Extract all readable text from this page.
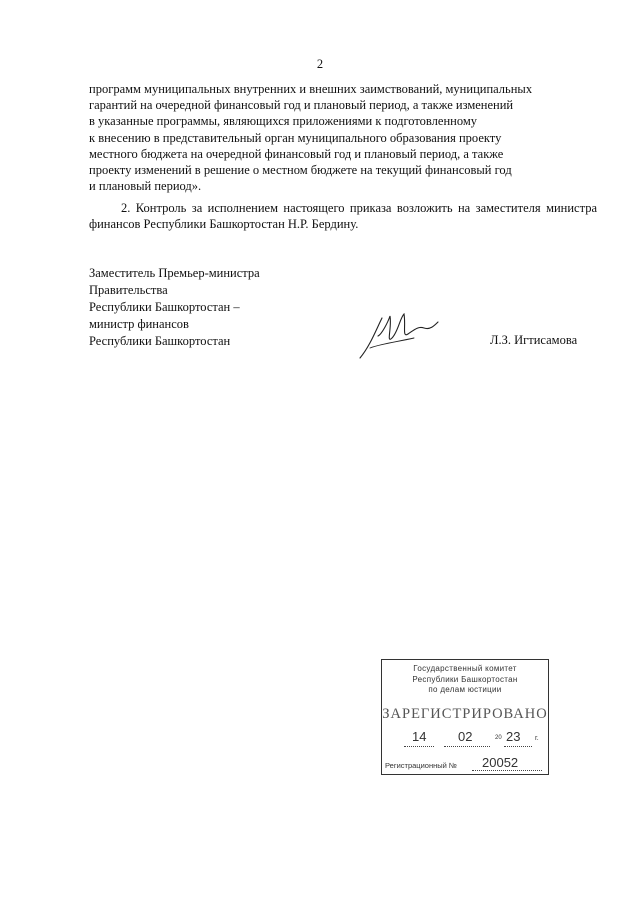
2
программ муниципальных внутренних и внешних заимствований, муниципальных
гарантий на очередной финансовый год и плановый период, а также изменений
в указанные программы, являющихся приложениями к подготовленному
к внесению в представительный орган муниципального образования проекту
местного бюджета на очередной финансовый год и плановый период, а также
проекту изменений в решение о местном бюджете на текущий финансовый год
и плановый период».
2. Контроль за исполнением настоящего приказа возложить на заместителя министра финансов Республики Башкортостан Н.Р. Бердину.
Заместитель Премьер-министра
Правительства
Республики Башкортостан –
министр финансов
Республики Башкортостан	Л.З. Игтисамова
Государственный комитет
Республики Башкортостан
по делам юстиции
ЗАРЕГИСТРИРОВАНО
14 02	20 23 г.
Регистрационный № 20052
